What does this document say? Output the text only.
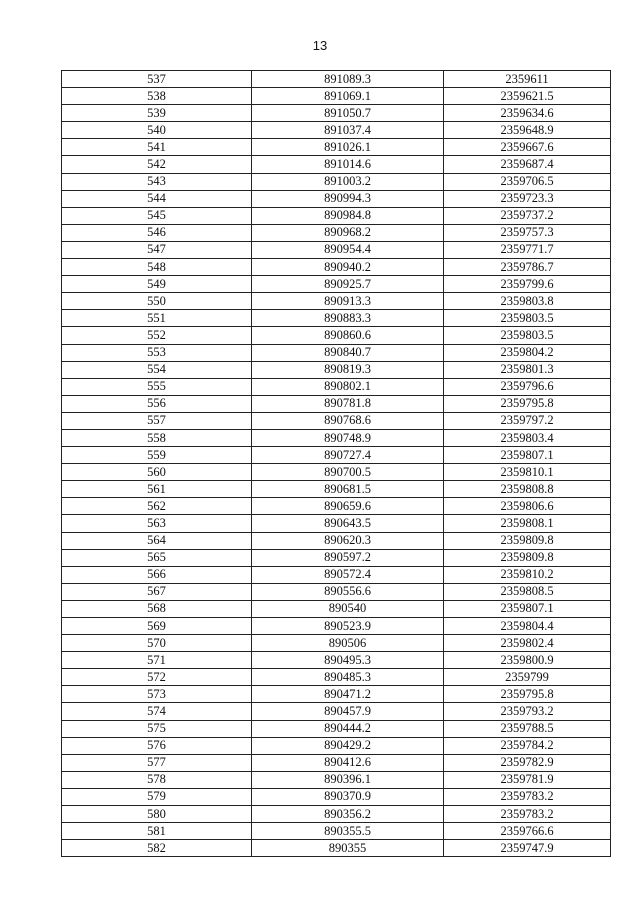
13
537	891089.3	2359611
538	891069.1	2359621.5
539	891050.7	2359634.6
540	891037.4	2359648.9
541	891026.1	2359667.6
542	891014.6	2359687.4
543	891003.2	2359706.5
544	890994.3	2359723.3
545	890984.8	2359737.2
546	890968.2	2359757.3
547	890954.4	2359771.7
548	890940.2	2359786.7
549	890925.7	2359799.6
550	890913.3	2359803.8
551	890883.3	2359803.5
552	890860.6	2359803.5
553	890840.7	2359804.2
554	890819.3	2359801.3
555	890802.1	2359796.6
556	890781.8	2359795.8
557	890768.6	2359797.2
558	890748.9	2359803.4
559	890727.4	2359807.1
560	890700.5	2359810.1
561	890681.5	2359808.8
562	890659.6	2359806.6
563	890643.5	2359808.1
564	890620.3	2359809.8
565	890597.2	2359809.8
566	890572.4	2359810.2
567	890556.6	2359808.5
568	890540	2359807.1
569	890523.9	2359804.4
570	890506	2359802.4
571	890495.3	2359800.9
572	890485.3	2359799
573	890471.2	2359795.8
574	890457.9	2359793.2
575	890444.2	2359788.5
576	890429.2	2359784.2
577	890412.6	2359782.9
578	890396.1	2359781.9
579	890370.9	2359783.2
580	890356.2	2359783.2
581	890355.5	2359766.6
582	890355	2359747.9
